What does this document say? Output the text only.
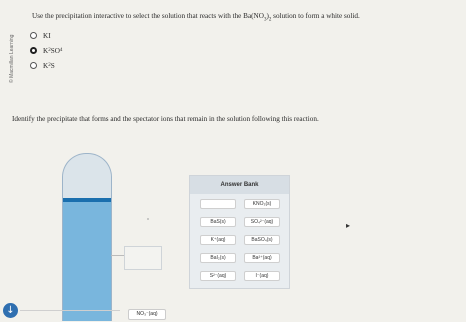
© Macmillan Learning
Use the precipitation interactive to select the solution that reacts with the $Ba(NO_3)_2$ solution to form a white solid.
KI
K 2 SO 4
K 2 S
Identify the precipitate that forms and the spectator ions that remain in the solution following this reaction.
↓	NO₃⁻(aq)
Answer Bank
KNO₃(s)
BaS(s)	SO₄²⁻(aq)
K⁺(aq)	BaSO₄(s)
BaI₂(s)	Ba²⁺(aq)
S²⁻(aq)	I⁻(aq)
▸
